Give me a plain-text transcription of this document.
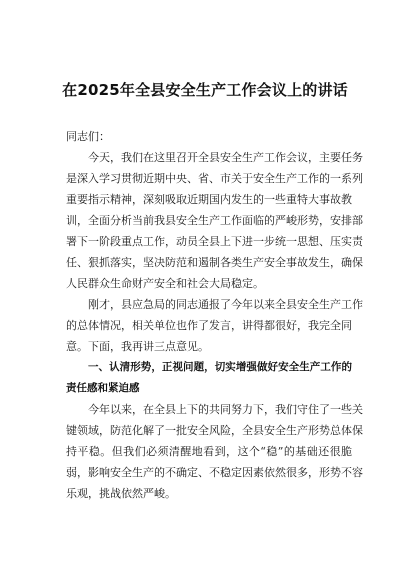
在2025年全县安全生产工作会议上的讲话

同志们：

今天，我们在这里召开全县安全生产工作会议，主要任务
是深入学习贯彻近期中央、省、市关于安全生产工作的一系列
重要指示精神，深刻吸取近期国内发生的一些重特大事故教
训，全面分析当前我县安全生产工作面临的严峻形势，安排部
署下一阶段重点工作，动员全县上下进一步统一思想、压实责
任、狠抓落实，坚决防范和遏制各类生产安全事故发生，确保
人民群众生命财产安全和社会大局稳定。
刚才，县应急局的同志通报了今年以来全县安全生产工作
的总体情况，相关单位也作了发言，讲得都很好，我完全同
意。下面，我再讲三点意见。
一、认清形势，正视问题，切实增强做好安全生产工作的
责任感和紧迫感
今年以来，在全县上下的共同努力下，我们守住了一些关
键领域，防范化解了一批安全风险，全县安全生产形势总体保
持平稳。但我们必须清醒地看到，这个“稳”的基础还很脆
弱，影响安全生产的不确定、不稳定因素依然很多，形势不容
乐观，挑战依然严峻。
